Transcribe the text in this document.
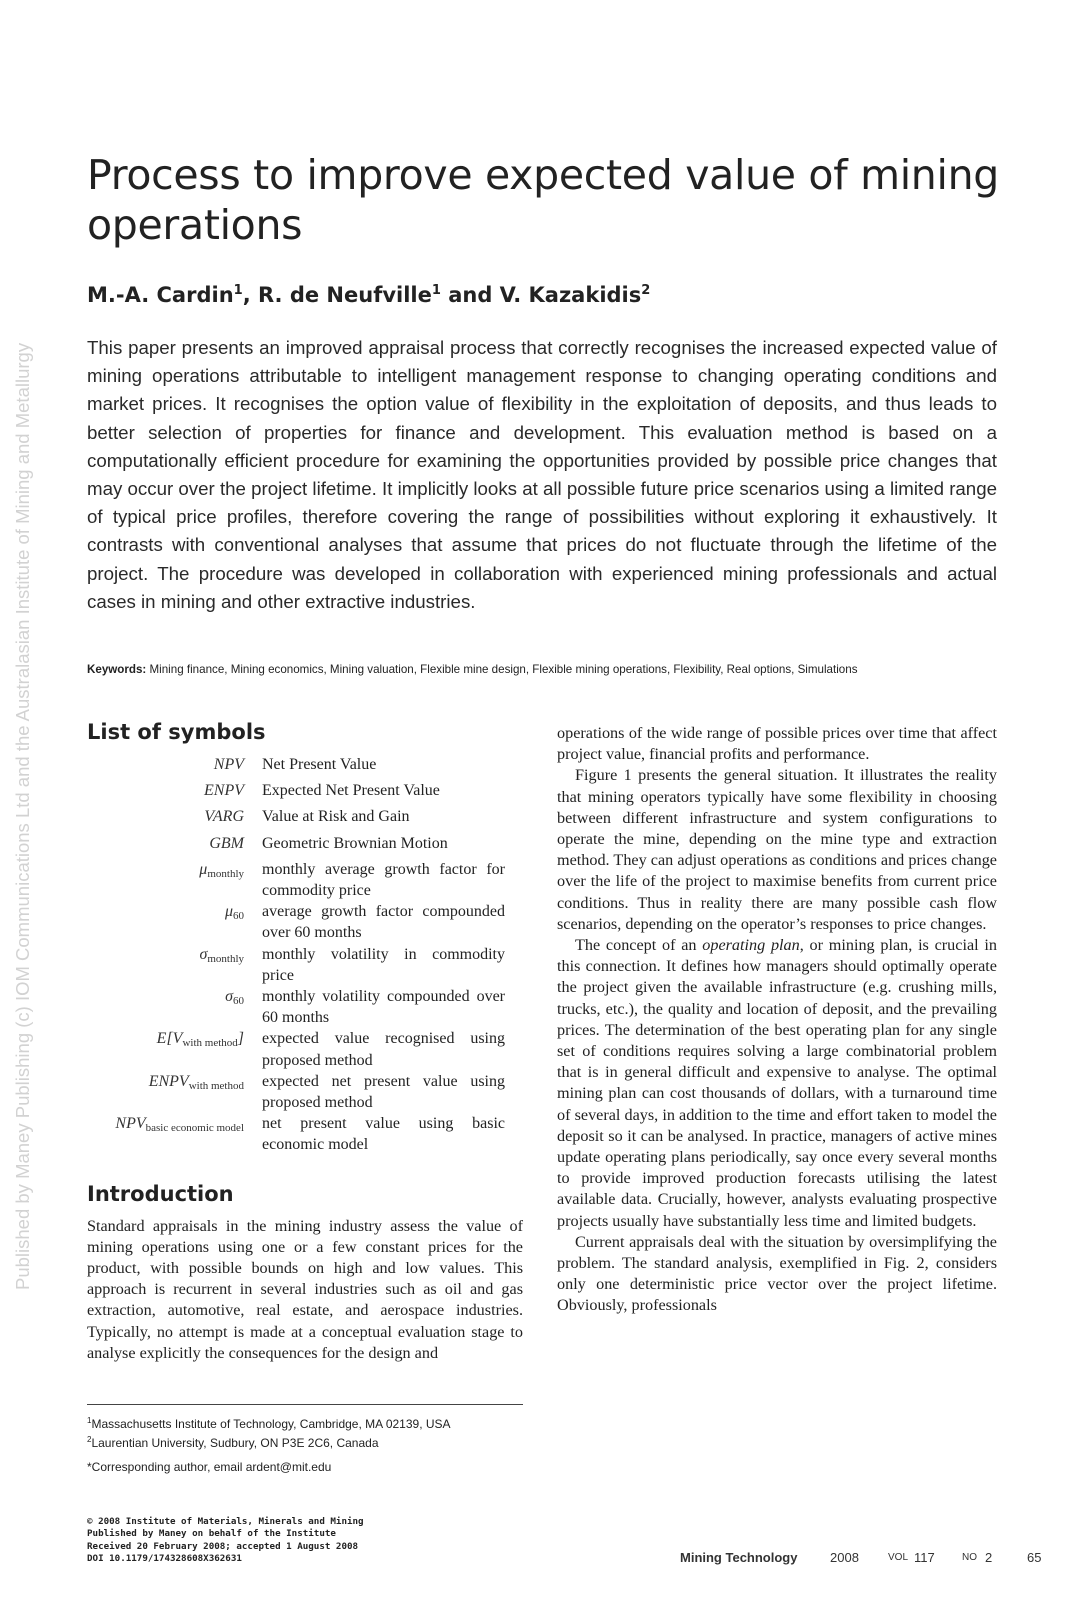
Published by Maney Publishing (c) IOM Communications Ltd and the Australasian Institute of Mining and Metallurgy
Process to improve expected value of mining operations
M.-A. Cardin$^1$, R. de Neufville$^1$ and V. Kazakidis$^2$

This paper presents an improved appraisal process that correctly recognises the increased expected value of mining operations attributable to intelligent management response to changing operating conditions and market prices. It recognises the option value of flexibility in the exploitation of deposits, and thus leads to better selection of properties for finance and development. This evaluation method is based on a computationally efficient procedure for examining the opportunities provided by possible price changes that may occur over the project lifetime. It implicitly looks at all possible future price scenarios using a limited range of typical price profiles, therefore covering the range of possibilities without exploring it exhaustively. It contrasts with conventional analyses that assume that prices do not fluctuate through the lifetime of the project. The procedure was developed in collaboration with experienced mining professionals and actual cases in mining and other extractive industries.

Keywords: Mining finance, Mining economics, Mining valuation, Flexible mine design, Flexible mining operations, Flexibility, Real options, Simulations
List of symbols
NPV	Net Present Value
ENPV	Expected Net Present Value
VARG	Value at Risk and Gain
GBM	Geometric Brownian Motion
$\mu_{monthly}$	monthly average growth factor for commodity price
$\mu_{60}$	average growth factor compounded over 60 months
$\sigma_{monthly}$	monthly volatility in commodity price
$\sigma_{60}$	monthly volatility compounded over 60 months
$E[V_{with method}]$	expected value recognised using proposed method
$ENPV_{with method}$	expected net present value using proposed method
$NPV_{basic economic model}$	net present value using basic economic model
Introduction

Standard appraisals in the mining industry assess the value of mining operations using one or a few constant prices for the product, with possible bounds on high and low values. This approach is recurrent in several industries such as oil and gas extraction, automotive, real estate, and aerospace industries. Typically, no attempt is made at a conceptual evaluation stage to analyse explicitly the consequences for the design and

operations of the wide range of possible prices over time that affect project value, financial profits and performance.

Figure 1 presents the general situation. It illustrates the reality that mining operators typically have some flexibility in choosing between different infrastructure and system configurations to operate the mine, depending on the mine type and extraction method. They can adjust operations as conditions and prices change over the life of the project to maximise benefits from current price conditions. Thus in reality there are many possible cash flow scenarios, depending on the operator’s responses to price changes.

The concept of an operating plan, or mining plan, is crucial in this connection. It defines how managers should optimally operate the project given the available infrastructure (e.g. crushing mills, trucks, etc.), the quality and location of deposit, and the prevailing prices. The determination of the best operating plan for any single set of conditions requires solving a large combinatorial problem that is in general difficult and expensive to analyse. The optimal mining plan can cost thousands of dollars, with a turnaround time of several days, in addition to the time and effort taken to model the deposit so it can be analysed. In practice, managers of active mines update operating plans periodically, say once every several months to provide improved production forecasts utilising the latest available data. Crucially, however, analysts evaluating prospective projects usually have substantially less time and limited budgets.

Current appraisals deal with the situation by oversimplifying the problem. The standard analysis, exemplified in Fig. 2, considers only one deterministic price vector over the project lifetime. Obviously, professionals

$^1$Massachusetts Institute of Technology, Cambridge, MA 02139, USA
$^2$Laurentian University, Sudbury, ON P3E 2C6, Canada
*Corresponding author, email ardent@mit.edu
© 2008 Institute of Materials, Minerals and Mining
Published by Maney on behalf of the Institute
Received 20 February 2008; accepted 1 August 2008
DOI 10.1179/174328608X362631	Mining Technology	2008	VOL 117	NO 2	65
